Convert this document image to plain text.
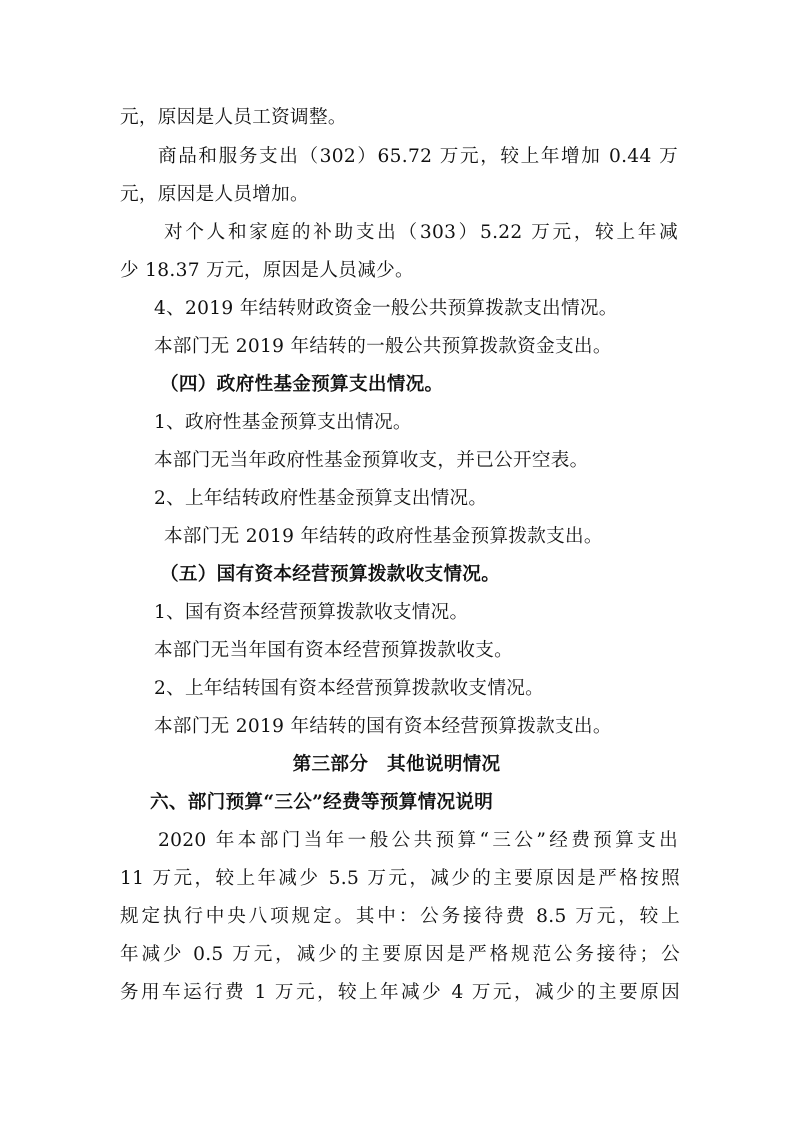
元，原因是人员工资调整。
商品和服务支出（302）65.72 万元，较上年增加 0.44 万
元，原因是人员增加。
对个人和家庭的补助支出（303）5.22 万元，较上年减
少 18.37 万元，原因是人员减少。
4、2019 年结转财政资金一般公共预算拨款支出情况。
本部门无 2019 年结转的一般公共预算拨款资金支出。
（四）政府性基金预算支出情况。
1、政府性基金预算支出情况。
本部门无当年政府性基金预算收支，并已公开空表。
2、上年结转政府性基金预算支出情况。
本部门无 2019 年结转的政府性基金预算拨款支出。
（五）国有资本经营预算拨款收支情况。
1、国有资本经营预算拨款收支情况。
本部门无当年国有资本经营预算拨款收支。
2、上年结转国有资本经营预算拨款收支情况。
本部门无 2019 年结转的国有资本经营预算拨款支出。
第三部分　其他说明情况
六、部门预算“三公”经费等预算情况说明
2020 年本部门当年一般公共预算“三公”经费预算支出
11 万元，较上年减少 5.5 万元，减少的主要原因是严格按照
规定执行中央八项规定。其中：公务接待费 8.5 万元，较上
年减少 0.5 万元，减少的主要原因是严格规范公务接待；公
务用车运行费 1 万元，较上年减少 4 万元，减少的主要原因
